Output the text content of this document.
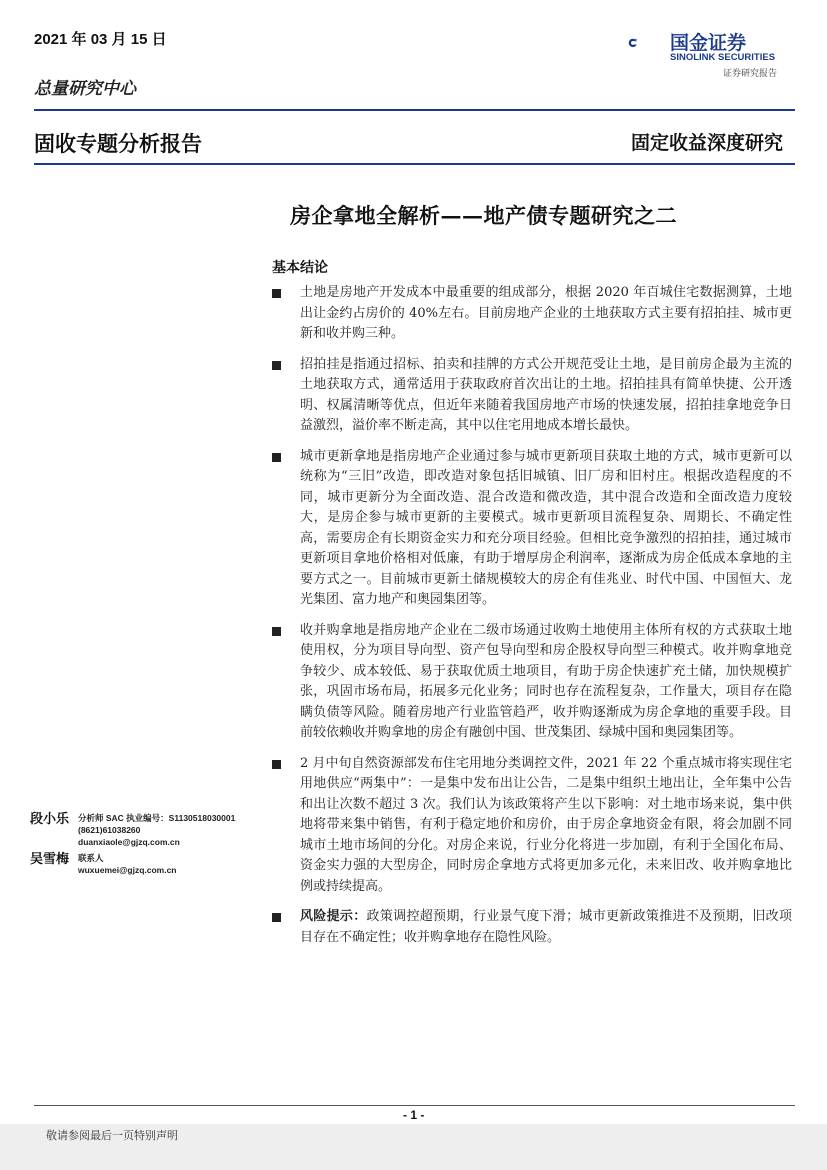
2021 年 03 月 15 日
总量研究中心
国金证券
SINOLINK SECURITIES
证券研究报告
固收专题分析报告	固定收益深度研究
房企拿地全解析——地产债专题研究之二
基本结论
土地是房地产开发成本中最重要的组成部分，根据 2020 年百城住宅数据测算，土地出让金约占房价的 40%左右。目前房地产企业的土地获取方式主要有招拍挂、城市更新和收并购三种。
招拍挂是指通过招标、拍卖和挂牌的方式公开规范受让土地，是目前房企最为主流的土地获取方式，通常适用于获取政府首次出让的土地。招拍挂具有简单快捷、公开透明、权属清晰等优点，但近年来随着我国房地产市场的快速发展，招拍挂拿地竞争日益激烈，溢价率不断走高，其中以住宅用地成本增长最快。
城市更新拿地是指房地产企业通过参与城市更新项目获取土地的方式，城市更新可以统称为“三旧”改造，即改造对象包括旧城镇、旧厂房和旧村庄。根据改造程度的不同，城市更新分为全面改造、混合改造和微改造，其中混合改造和全面改造力度较大，是房企参与城市更新的主要模式。城市更新项目流程复杂、周期长、不确定性高，需要房企有长期资金实力和充分项目经验。但相比竞争激烈的招拍挂，通过城市更新项目拿地价格相对低廉，有助于增厚房企利润率，逐渐成为房企低成本拿地的主要方式之一。目前城市更新土储规模较大的房企有佳兆业、时代中国、中国恒大、龙光集团、富力地产和奥园集团等。
收并购拿地是指房地产企业在二级市场通过收购土地使用主体所有权的方式获取土地使用权，分为项目导向型、资产包导向型和房企股权导向型三种模式。收并购拿地竞争较少、成本较低、易于获取优质土地项目，有助于房企快速扩充土储，加快规模扩张，巩固市场布局，拓展多元化业务；同时也存在流程复杂，工作量大，项目存在隐瞒负债等风险。随着房地产行业监管趋严，收并购逐渐成为房企拿地的重要手段。目前较依赖收并购拿地的房企有融创中国、世茂集团、绿城中国和奥园集团等。
2 月中旬自然资源部发布住宅用地分类调控文件，2021 年 22 个重点城市将实现住宅用地供应“两集中”：一是集中发布出让公告，二是集中组织土地出让，全年集中公告和出让次数不超过 3 次。我们认为该政策将产生以下影响：对土地市场来说，集中供地将带来集中销售，有利于稳定地价和房价，由于房企拿地资金有限，将会加剧不同城市土地市场间的分化。对房企来说，行业分化将进一步加剧，有利于全国化布局、资金实力强的大型房企，同时房企拿地方式将更加多元化，未来旧改、收并购拿地比例或持续提高。
风险提示：政策调控超预期，行业景气度下滑；城市更新政策推进不及预期，旧改项目存在不确定性；收并购拿地存在隐性风险。
段小乐 分析师 SAC 执业编号：S1130518030001
(8621)61038260
duanxiaole@gjzq.com.cn
吴雪梅 联系人
wuxuemei@gjzq.com.cn
- 1 -
敬请参阅最后一页特别声明
